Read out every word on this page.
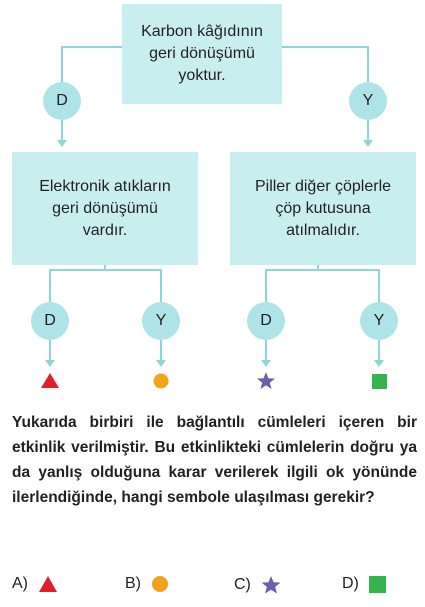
Karbon kâğıdının
geri dönüşümü
yoktur.
Elektronik atıkların
geri dönüşümü
vardır.
Piller diğer çöplerle
çöp kutusuna
atılmalıdır.
D	Y
D	Y	D	Y
Yukarıda birbiri ile bağlantılı cümleleri içeren bir etkinlik verilmiştir. Bu etkinlikteki cümlelerin doğru ya da yanlış olduğuna karar verilerek ilgili ok yönünde ilerlendiğinde, hangi sembole ulaşılması gerekir?
A)	B)	C)	D)
